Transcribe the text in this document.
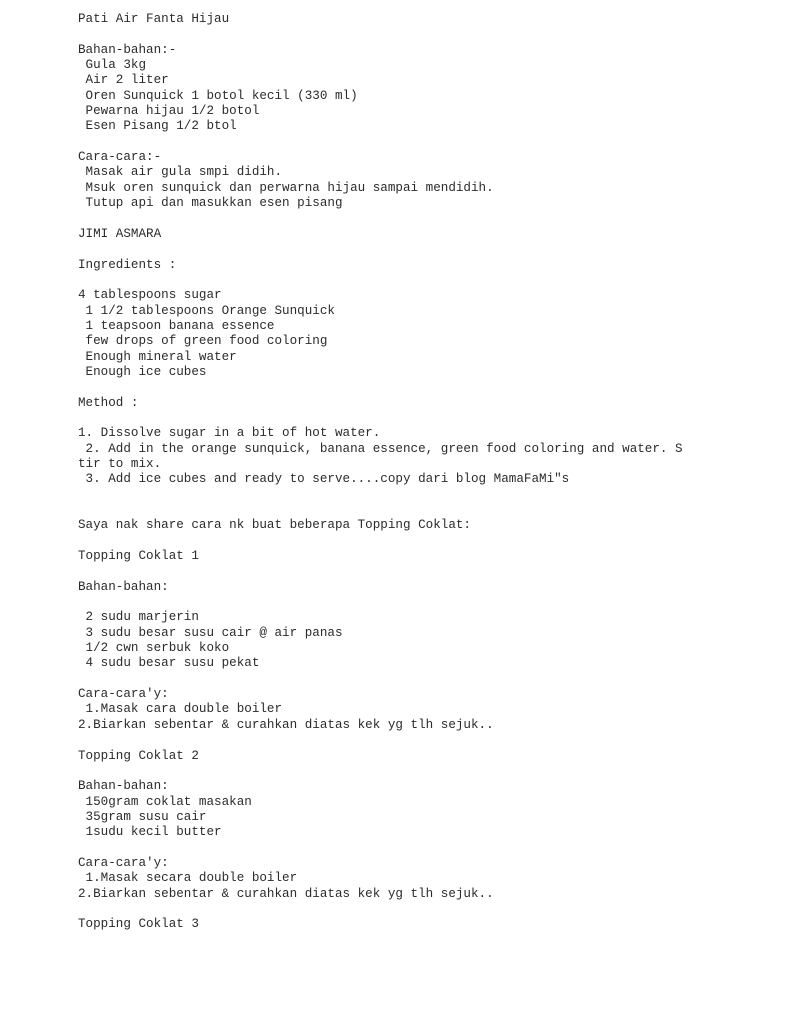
Pati Air Fanta Hijau
Bahan-bahan:-
Gula 3kg
Air 2 liter
Oren Sunquick 1 botol kecil (330 ml)
Pewarna hijau 1/2 botol
Esen Pisang 1/2 btol
Cara-cara:-
Masak air gula smpi didih.
Msuk oren sunquick dan perwarna hijau sampai mendidih.
Tutup api dan masukkan esen pisang
JIMI ASMARA
Ingredients :
4 tablespoons sugar
1 1/2 tablespoons Orange Sunquick
1 teapsoon banana essence
few drops of green food coloring
Enough mineral water
Enough ice cubes
Method :
1. Dissolve sugar in a bit of hot water.
2. Add in the orange sunquick, banana essence, green food coloring and water. S
tir to mix.
3. Add ice cubes and ready to serve....copy dari blog MamaFaMi"s
Saya nak share cara nk buat beberapa Topping Coklat:
Topping Coklat 1
Bahan-bahan:
2 sudu marjerin
3 sudu besar susu cair @ air panas
1/2 cwn serbuk koko
4 sudu besar susu pekat
Cara-cara'y:
1.Masak cara double boiler
2.Biarkan sebentar & curahkan diatas kek yg tlh sejuk..
Topping Coklat 2
Bahan-bahan:
150gram coklat masakan
35gram susu cair
1sudu kecil butter
Cara-cara'y:
1.Masak secara double boiler
2.Biarkan sebentar & curahkan diatas kek yg tlh sejuk..
Topping Coklat 3
